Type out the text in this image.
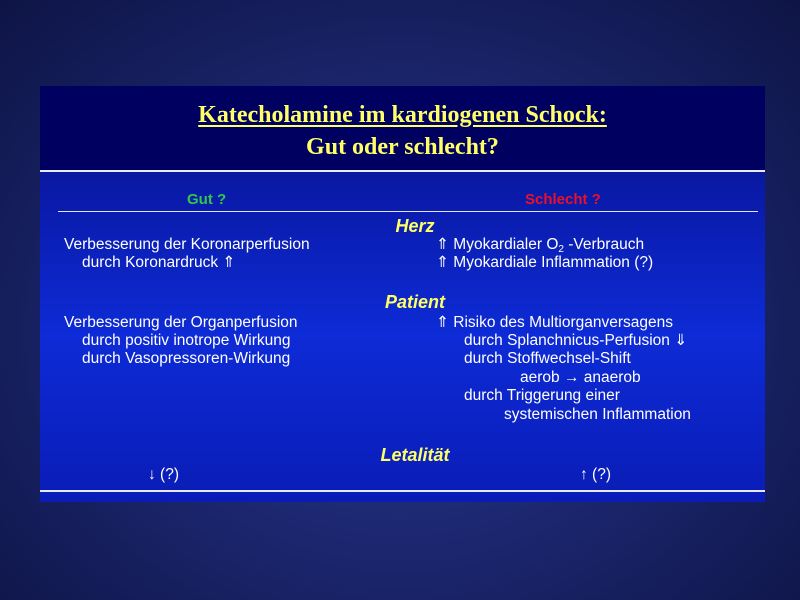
Katecholamine im kardiogenen Schock:
Gut oder schlecht?
Gut ?	Schlecht ?
Herz
Verbesserung der Koronarperfusion
durch Koronardruck ⇑
⇑ Myokardialer $O_2$ -Verbrauch
⇑ Myokardiale Inflammation (?)
Patient
Verbesserung der Organperfusion
durch positiv inotrope Wirkung
durch Vasopressoren-Wirkung
⇑ Risiko des Multiorganversagens
durch Splanchnicus-Perfusion ⇓
durch Stoffwechsel-Shift
aerob → anaerob
durch Triggerung einer
systemischen Inflammation
Letalität
↓ (?)	↑ (?)
